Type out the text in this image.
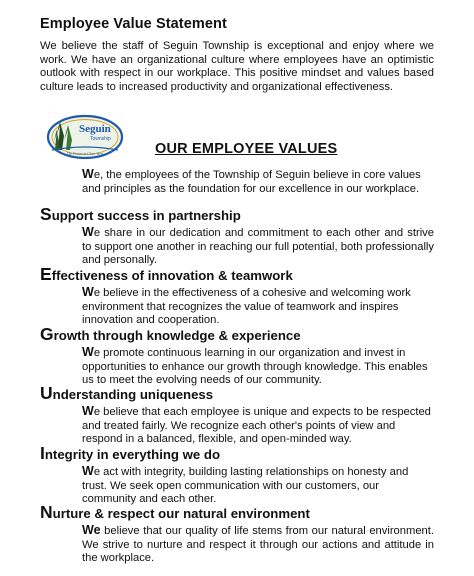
Employee Value Statement
We believe the staff of Seguin Township is exceptional and enjoy where we work. We have an organizational culture where employees have an optimistic outlook with respect in our workplace. This positive mindset and values based culture leads to increased productivity and organizational effectiveness.
Seguin
Township
The Future in Clear View	OUR EMPLOYEE VALUES
We, the employees of the Township of Seguin believe in core values and principles as the foundation for our excellence in our workplace.
Support success in partnership
We share in our dedication and commitment to each other and strive to support one another in reaching our full potential, both professionally and personally.
Effectiveness of innovation & teamwork
We believe in the effectiveness of a cohesive and welcoming work environment that recognizes the value of teamwork and inspires innovation and cooperation.
Growth through knowledge & experience
We promote continuous learning in our organization and invest in opportunities to enhance our growth through knowledge. This enables us to meet the evolving needs of our community.
Understanding uniqueness
We believe that each employee is unique and expects to be respected and treated fairly. We recognize each other's points of view and respond in a balanced, flexible, and open-minded way.
Integrity in everything we do
We act with integrity, building lasting relationships on honesty and trust. We seek open communication with our customers, our community and each other.
Nurture & respect our natural environment
We believe that our quality of life stems from our natural environment. We strive to nurture and respect it through our actions and attitude in the workplace.
